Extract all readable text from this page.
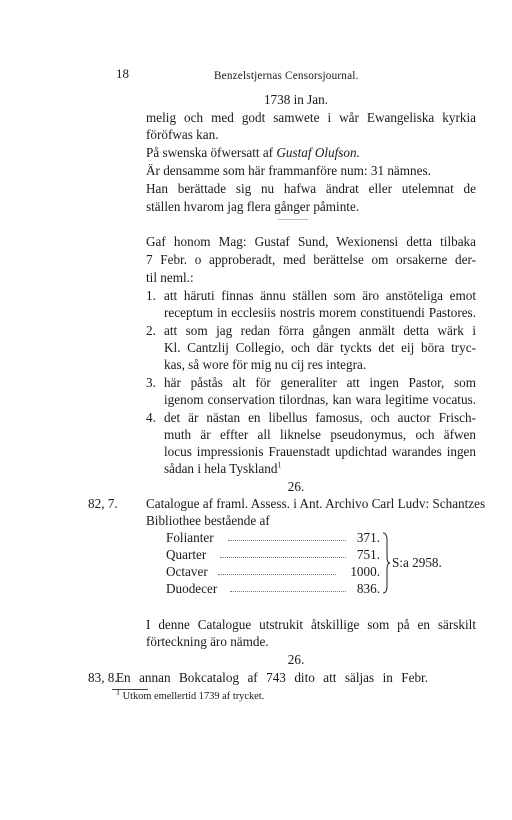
18	Benzelstjernas Censorsjournal.
1738 in Jan.
melig och med godt samwete i wår Ewangeliska kyrkia
föröfwas kan.
På swenska öfwersatt af Gustaf Olufson.
Är densamme som här frammanföre num: 31 nämnes.
Han berättade sig nu hafwa ändrat eller utelemnat de
ställen hvarom jag flera gånger påminte.
Gaf honom Mag: Gustaf Sund, Wexionensi detta tilbaka
7 Febr. o approberadt, med berättelse om orsakerne der-
til neml.:
1. att häruti finnas ännu ställen som äro anstöteliga emot
receptum in ecclesiis nostris morem constituendi Pastores.
2. att som jag redan förra gången anmält detta wärk i
Kl. Cantzlij Collegio, och där tyckts det eij böra tryc-
kas, så wore för mig nu cij res integra.
3. här påstås alt för generaliter att ingen Pastor, som
igenom conservation tilordnas, kan wara legitime vocatus.
4. det är nästan en libellus famosus, och auctor Frisch-
muth är effter all liknelse pseudonymus, och äfwen
locus impressionis Frauenstadt updichtad warandes ingen
sådan i hela Tyskland$^1$
26.
82, 7. Catalogue af framl. Assess. i Ant. Archivo Carl Ludv: Schantzes
Bibliothee bestående af
Folianter	371.
Quarter	751.
Octaver	1000.
Duodecer	836.
S:a 2958.
I denne Catalogue utstrukit åtskillige som på en särskilt
förteckning äro nämde.
26.
83, 8.
En annan Bokcatalog af 743 dito att säljas in Febr.
$^1$ Utkom emellertid 1739 af trycket.
